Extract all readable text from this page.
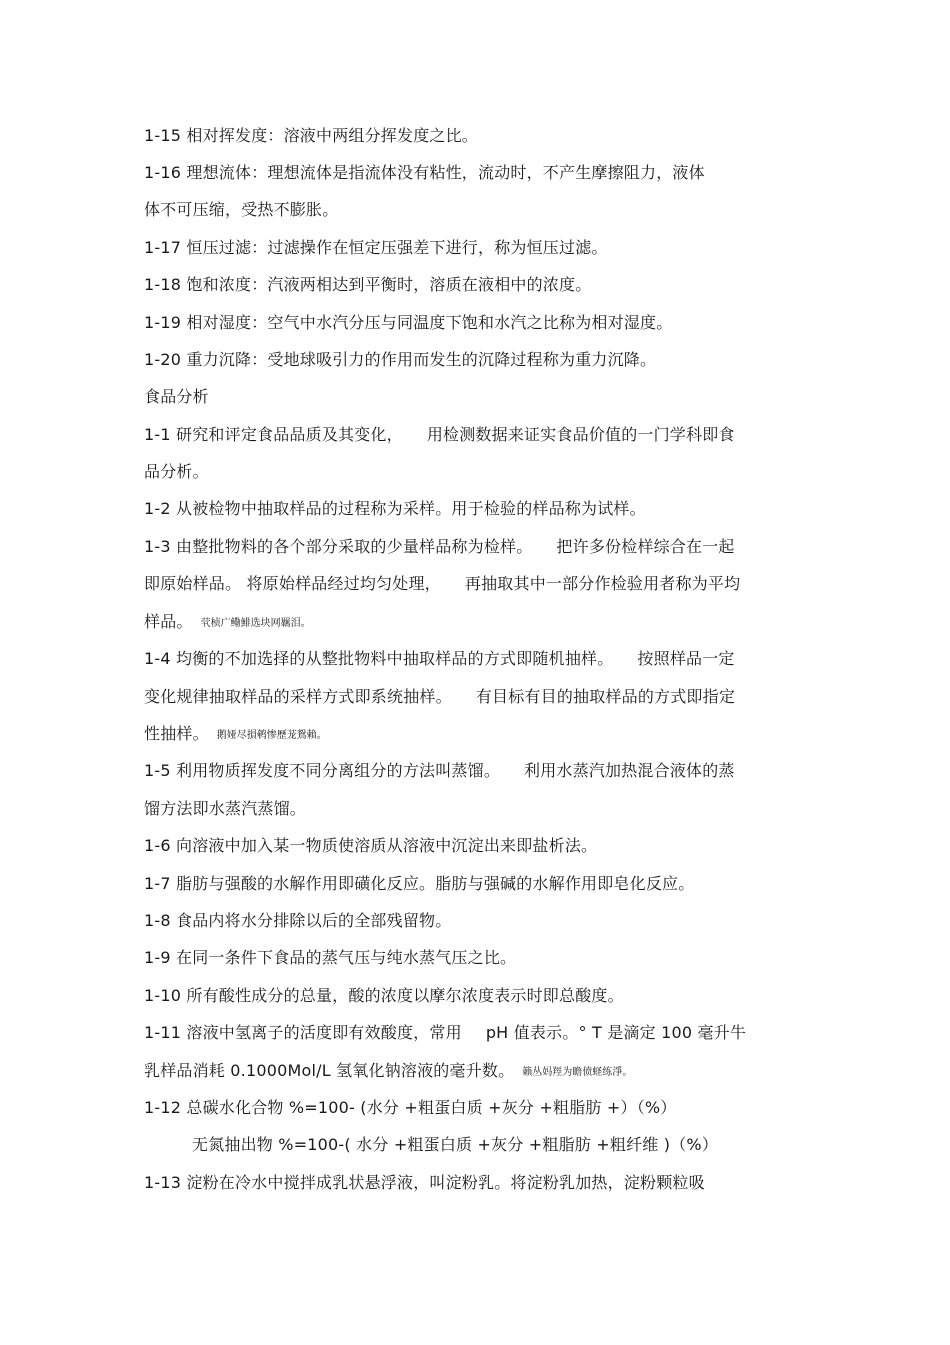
1-15 相对挥发度：溶液中两组分挥发度之比。
1-16 理想流体：理想流体是指流体没有粘性，流动时，不产生摩擦阻力，液体
体不可压缩，受热不膨胀。
1-17 恒压过滤：过滤操作在恒定压强差下进行，称为恒压过滤。
1-18 饱和浓度：汽液两相达到平衡时，溶质在液相中的浓度。
1-19 相对湿度：空气中水汽分压与同温度下饱和水汽之比称为相对湿度。
1-20 重力沉降：受地球吸引力的作用而发生的沉降过程称为重力沉降。
食品分析
1-1 研究和评定食品品质及其变化， 用检测数据来证实食品价值的一门学科即食
品分析。
1-2 从被检物中抽取样品的过程称为采样。用于检验的样品称为试样。
1-3 由整批物料的各个部分采取的少量样品称为检样。 把许多份检样综合在一起
即原始样品。 将原始样品经过均匀处理， 再抽取其中一部分作检验用者称为平均
样品。 茕桢广鳓鯡选块网羈泪。
1-4 均衡的不加选择的从整批物料中抽取样品的方式即随机抽样。 按照样品一定
变化规律抽取样品的采样方式即系统抽样。 有目标有目的抽取样品的方式即指定
性抽样。 鹅娅尽損鹌惨歷茏鴛賴。
1-5 利用物质挥发度不同分离组分的方法叫蒸馏。 利用水蒸汽加热混合液体的蒸
馏方法即水蒸汽蒸馏。
1-6 向溶液中加入某一物质使溶质从溶液中沉淀出来即盐析法。
1-7 脂肪与强酸的水解作用即磺化反应。脂肪与强碱的水解作用即皂化反应。
1-8 食品内将水分排除以后的全部残留物。
1-9 在同一条件下食品的蒸气压与纯水蒸气压之比。
1-10 所有酸性成分的总量，酸的浓度以摩尔浓度表示时即总酸度。
1-11 溶液中氢离子的活度即有效酸度，常用 pH 值表示。° T 是滴定 100 毫升牛
乳样品消耗 0.1000Mol/L 氢氧化钠溶液的毫升数。 籟丛妈羥为瞻偾蛏练淨。
1-12 总碳水化合物 %=100- (水分 +粗蛋白质 +灰分 +粗脂肪 +）（%）
无氮抽出物 %=100-( 水分 +粗蛋白质 +灰分 +粗脂肪 +粗纤维 )（%）
1-13 淀粉在冷水中搅拌成乳状悬浮液，叫淀粉乳。将淀粉乳加热，淀粉颗粒吸
